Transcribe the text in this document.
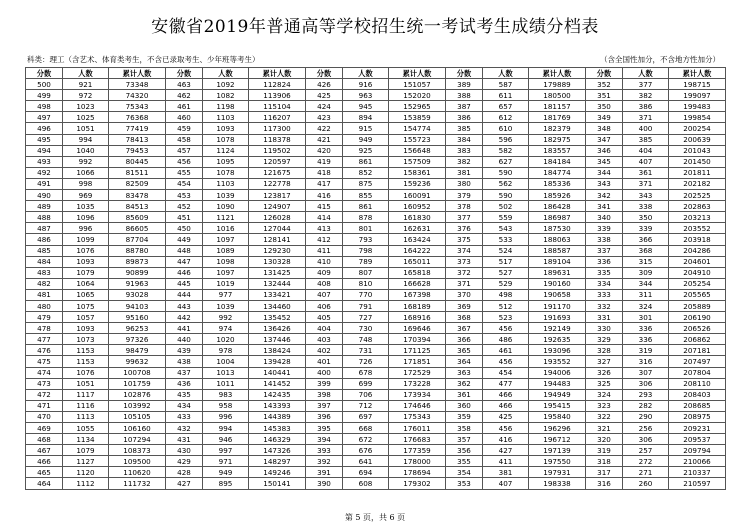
安徽省2019年普通高等学校招生统一考试考生成绩分档表
科类：理工（含艺术、体育类考生，不含已录取考生、少年班等考生）	（含全国性加分，不含地方性加分）
分数	人数	累计人数	分数	人数	累计人数	分数	人数	累计人数	分数	人数	累计人数	分数	人数	累计人数
500	921	73348	463	1092	112824	426	916	151057	389	587	179889	352	377	198715
499	972	74320	462	1082	113906	425	963	152020	388	611	180500	351	382	199097
498	1023	75343	461	1198	115104	424	945	152965	387	657	181157	350	386	199483
497	1025	76368	460	1103	116207	423	894	153859	386	612	181769	349	371	199854
496	1051	77419	459	1093	117300	422	915	154774	385	610	182379	348	400	200254
495	994	78413	458	1078	118378	421	949	155723	384	596	182975	347	385	200639
494	1040	79453	457	1124	119502	420	925	156648	383	582	183557	346	404	201043
493	992	80445	456	1095	120597	419	861	157509	382	627	184184	345	407	201450
492	1066	81511	455	1078	121675	418	852	158361	381	590	184774	344	361	201811
491	998	82509	454	1103	122778	417	875	159236	380	562	185336	343	371	202182
490	969	83478	453	1039	123817	416	855	160091	379	590	185926	342	343	202525
489	1035	84513	452	1090	124907	415	861	160952	378	502	186428	341	338	202863
488	1096	85609	451	1121	126028	414	878	161830	377	559	186987	340	350	203213
487	996	86605	450	1016	127044	413	801	162631	376	543	187530	339	339	203552
486	1099	87704	449	1097	128141	412	793	163424	375	533	188063	338	366	203918
485	1076	88780	448	1089	129230	411	798	164222	374	524	188587	337	368	204286
484	1093	89873	447	1098	130328	410	789	165011	373	517	189104	336	315	204601
483	1079	90899	446	1097	131425	409	807	165818	372	527	189631	335	309	204910
482	1064	91963	445	1019	132444	408	810	166628	371	529	190160	334	344	205254
481	1065	93028	444	977	133421	407	770	167398	370	498	190658	333	311	205565
480	1075	94103	443	1039	134460	406	791	168189	369	512	191170	332	324	205889
479	1057	95160	442	992	135452	405	727	168916	368	523	191693	331	301	206190
478	1093	96253	441	974	136426	404	730	169646	367	456	192149	330	336	206526
477	1073	97326	440	1020	137446	403	748	170394	366	486	192635	329	336	206862
476	1153	98479	439	978	138424	402	731	171125	365	461	193096	328	319	207181
475	1153	99632	438	1004	139428	401	726	171851	364	456	193552	327	316	207497
474	1076	100708	437	1013	140441	400	678	172529	363	454	194006	326	307	207804
473	1051	101759	436	1011	141452	399	699	173228	362	477	194483	325	306	208110
472	1117	102876	435	983	142435	398	706	173934	361	466	194949	324	293	208403
471	1116	103992	434	958	143393	397	712	174646	360	466	195415	323	282	208685
470	1113	105105	433	996	144389	396	697	175343	359	425	195840	322	290	208975
469	1055	106160	432	994	145383	395	668	176011	358	456	196296	321	256	209231
468	1134	107294	431	946	146329	394	672	176683	357	416	196712	320	306	209537
467	1079	108373	430	997	147326	393	676	177359	356	427	197139	319	257	209794
466	1127	109500	429	971	148297	392	641	178000	355	411	197550	318	272	210066
465	1120	110620	428	949	149246	391	694	178694	354	381	197931	317	271	210337
464	1112	111732	427	895	150141	390	608	179302	353	407	198338	316	260	210597
第 5 页，共 6 页
